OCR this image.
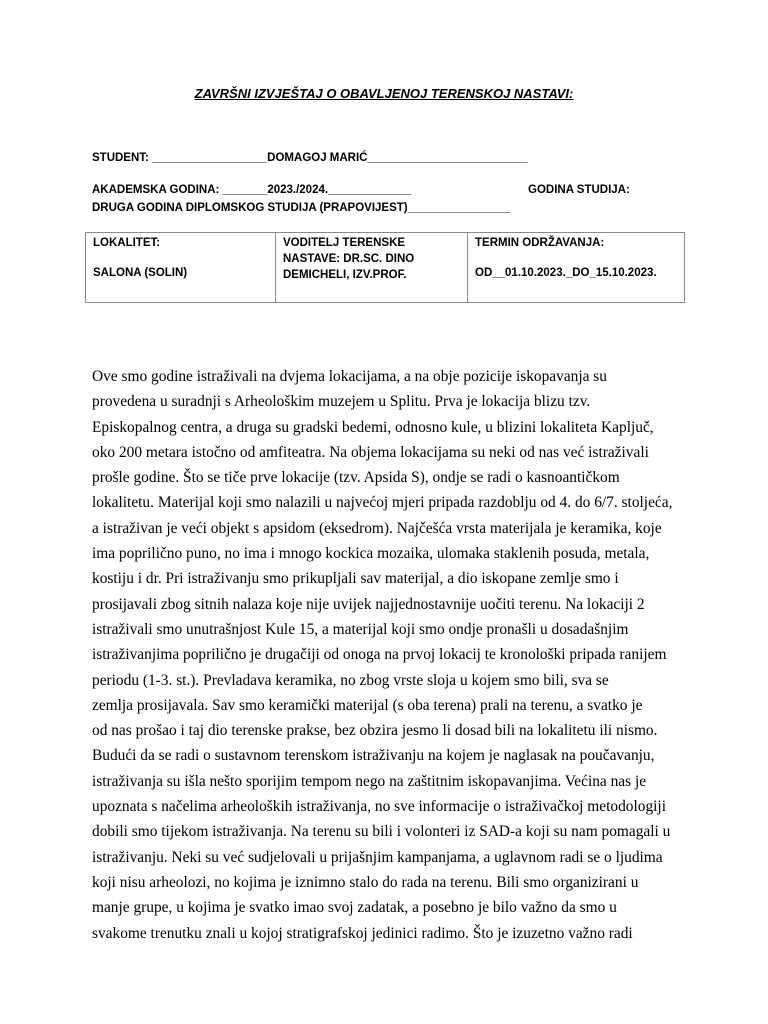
ZAVRŠNI IZVJEŠTAJ O OBAVLJENOJ TERENSKOJ NASTAVI:
STUDENT: __________________DOMAGOJ MARIĆ_________________________
AKADEMSKA GODINA: _______2023./2024._____________	GODINA STUDIJA:
DRUGA GODINA DIPLOMSKOG STUDIJA (PRAPOVIJEST)________________
LOKALITET:
SALONA (SOLIN)

VODITELJ TERENSKE
NASTAVE: DR.SC. DINO
DEMICHELI, IZV.PROF.

TERMIN ODRŽAVANJA:
OD__01.10.2023._DO_15.10.2023.
Ove smo godine istraživali na dvjema lokacijama, a na obje pozicije iskopavanja su
provedena u suradnji s Arheološkim muzejem u Splitu. Prva je lokacija blizu tzv.
Episkopalnog centra, a druga su gradski bedemi, odnosno kule, u blizini lokaliteta Kapljuč,
oko 200 metara istočno od amfiteatra. Na objema lokacijama su neki od nas već istraživali
prošle godine. Što se tiče prve lokacije (tzv. Apsida S), ondje se radi o kasnoantičkom
lokalitetu. Materijal koji smo nalazili u najvećoj mjeri pripada razdoblju od 4. do 6/7. stoljeća,
a istraživan je veći objekt s apsidom (eksedrom). Najčešća vrsta materijala je keramika, koje
ima poprilično puno, no ima i mnogo kockica mozaika, ulomaka staklenih posuda, metala,
kostiju i dr. Pri istraživanju smo prikupljali sav materijal, a dio iskopane zemlje smo i
prosijavali zbog sitnih nalaza koje nije uvijek najjednostavnije uočiti terenu. Na lokaciji 2
istraživali smo unutrašnjost Kule 15, a materijal koji smo ondje pronašli u dosadašnjim
istraživanjima poprilično je drugačiji od onoga na prvoj lokacij te kronološki pripada ranijem
periodu (1-3. st.). Prevladava keramika, no zbog vrste sloja u kojem smo bili, sva se
zemlja prosijavala. Sav smo keramički materijal (s oba terena) prali na terenu, a svatko je
od nas prošao i taj dio terenske prakse, bez obzira jesmo li dosad bili na lokalitetu ili nismo.
Budući da se radi o sustavnom terenskom istraživanju na kojem je naglasak na poučavanju,
istraživanja su išla nešto sporijim tempom nego na zaštitnim iskopavanjima. Većina nas je
upoznata s načelima arheoloških istraživanja, no sve informacije o istraživačkoj metodologiji
dobili smo tijekom istraživanja. Na terenu su bili i volonteri iz SAD-a koji su nam pomagali u
istraživanju. Neki su već sudjelovali u prijašnjim kampanjama, a uglavnom radi se o ljudima
koji nisu arheolozi, no kojima je iznimno stalo do rada na terenu. Bili smo organizirani u
manje grupe, u kojima je svatko imao svoj zadatak, a posebno je bilo važno da smo u
svakome trenutku znali u kojoj stratigrafskoj jedinici radimo. Što je izuzetno važno radi
